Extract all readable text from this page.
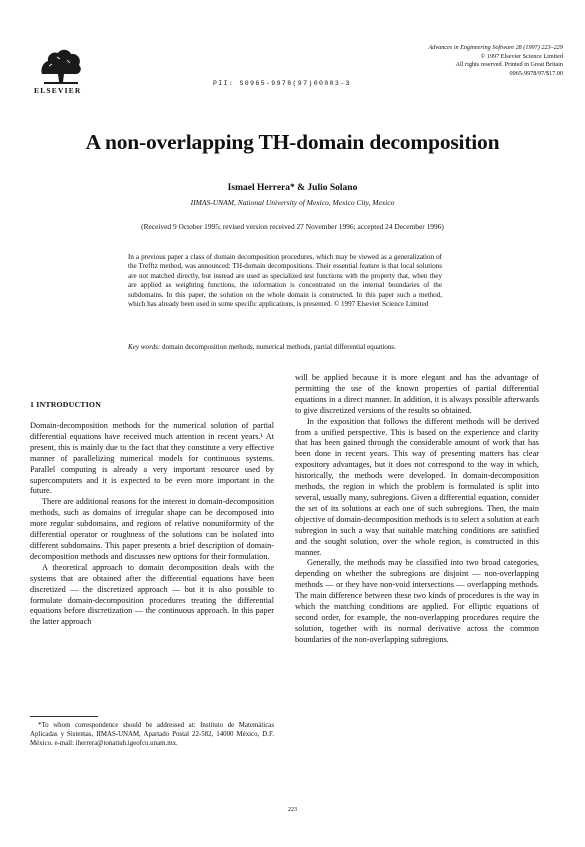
ELSEVIER
PII: S0965-9978(97)00003-3
Advances in Engineering Software 28 (1997) 223–229
© 1997 Elsevier Science Limited
All rights reserved. Printed in Great Britain
0965-9978/97/$17.00
A non-overlapping TH-domain decomposition
Ismael Herrera* & Julio Solano
IIMAS-UNAM, National University of Mexico, Mexico City, Mexico
(Received 9 October 1995; revised version received 27 November 1996; accepted 24 December 1996)
In a previous paper a class of domain decomposition procedures, which may be viewed as a generalization of the Trefftz method, was announced: TH-domain decompositions. Their essential feature is that local solutions are not matched directly, but instead are used as specialized test functions with the property that, when they are applied as weighting functions, the information is concentrated on the internal boundaries of the subdomains. In this paper, the solution on the whole domain is constructed. In this paper such a method, which has already been used in some specific applications, is presented. © 1997 Elsevier Science Limited
Key words: domain decomposition methods, numerical methods, partial differential equations.
1 INTRODUCTION

Domain-decomposition methods for the numerical solution of partial differential equations have received much attention in recent years.¹ At present, this is mainly due to the fact that they constitute a very effective manner of parallelizing numerical models for continuous systems. Parallel computing is already a very important resource used by supercomputers and it is expected to be even more important in the future.

There are additional reasons for the interest in domain-decomposition methods, such as domains of irregular shape can be decomposed into more regular subdomains, and regions of relative nonuniformity of the differential operator or roughness of the solutions can be isolated into different subdomains. This paper presents a brief description of domain-decomposition methods and discusses new options for their formulation.

A theoretical approach to domain decomposition deals with the systems that are obtained after the differential equations have been discretized — the discretized approach — but it is also possible to formulate domain-decomposition procedures treating the differential equations before discretization — the continuous approach. In this paper the latter approach

will be applied because it is more elegant and has the advantage of permitting the use of the known properties of partial differential equations in a direct manner. In addition, it is always possible afterwards to give discretized versions of the results so obtained.

In the exposition that follows the different methods will be derived from a unified perspective. This is based on the experience and clarity that has been gained through the considerable amount of work that has been done in recent years. This way of presenting matters has clear expository advantages, but it does not correspond to the way in which, historically, the methods were developed. In domain-decomposition methods, the region in which the problem is formulated is split into several, usually many, subregions. Given a differential equation, consider the set of its solutions at each one of such subregions. Then, the main objective of domain-decomposition methods is to select a solution at each subregion in such a way that suitable matching conditions are satisfied and the sought solution, over the whole region, is constructed in this manner.

Generally, the methods may be classified into two broad categories, depending on whether the subregions are disjoint — non-overlapping methods — or they have non-void intersections — overlapping methods. The main difference between these two kinds of procedures is the way in which the matching conditions are applied. For elliptic equations of second order, for example, the non-overlapping procedures require the solution, together with its normal derivative across the common boundaries of the non-overlapping subregions.

*To whom correspondence should be addressed at: Instituto de Matemáticas Aplicadas y Sistemas, IIMAS-UNAM, Apartado Postal 22-582, 14000 México, D.F. México. e-mail: iherrera@tonatiuh.igeofcu.unam.mx.
223
